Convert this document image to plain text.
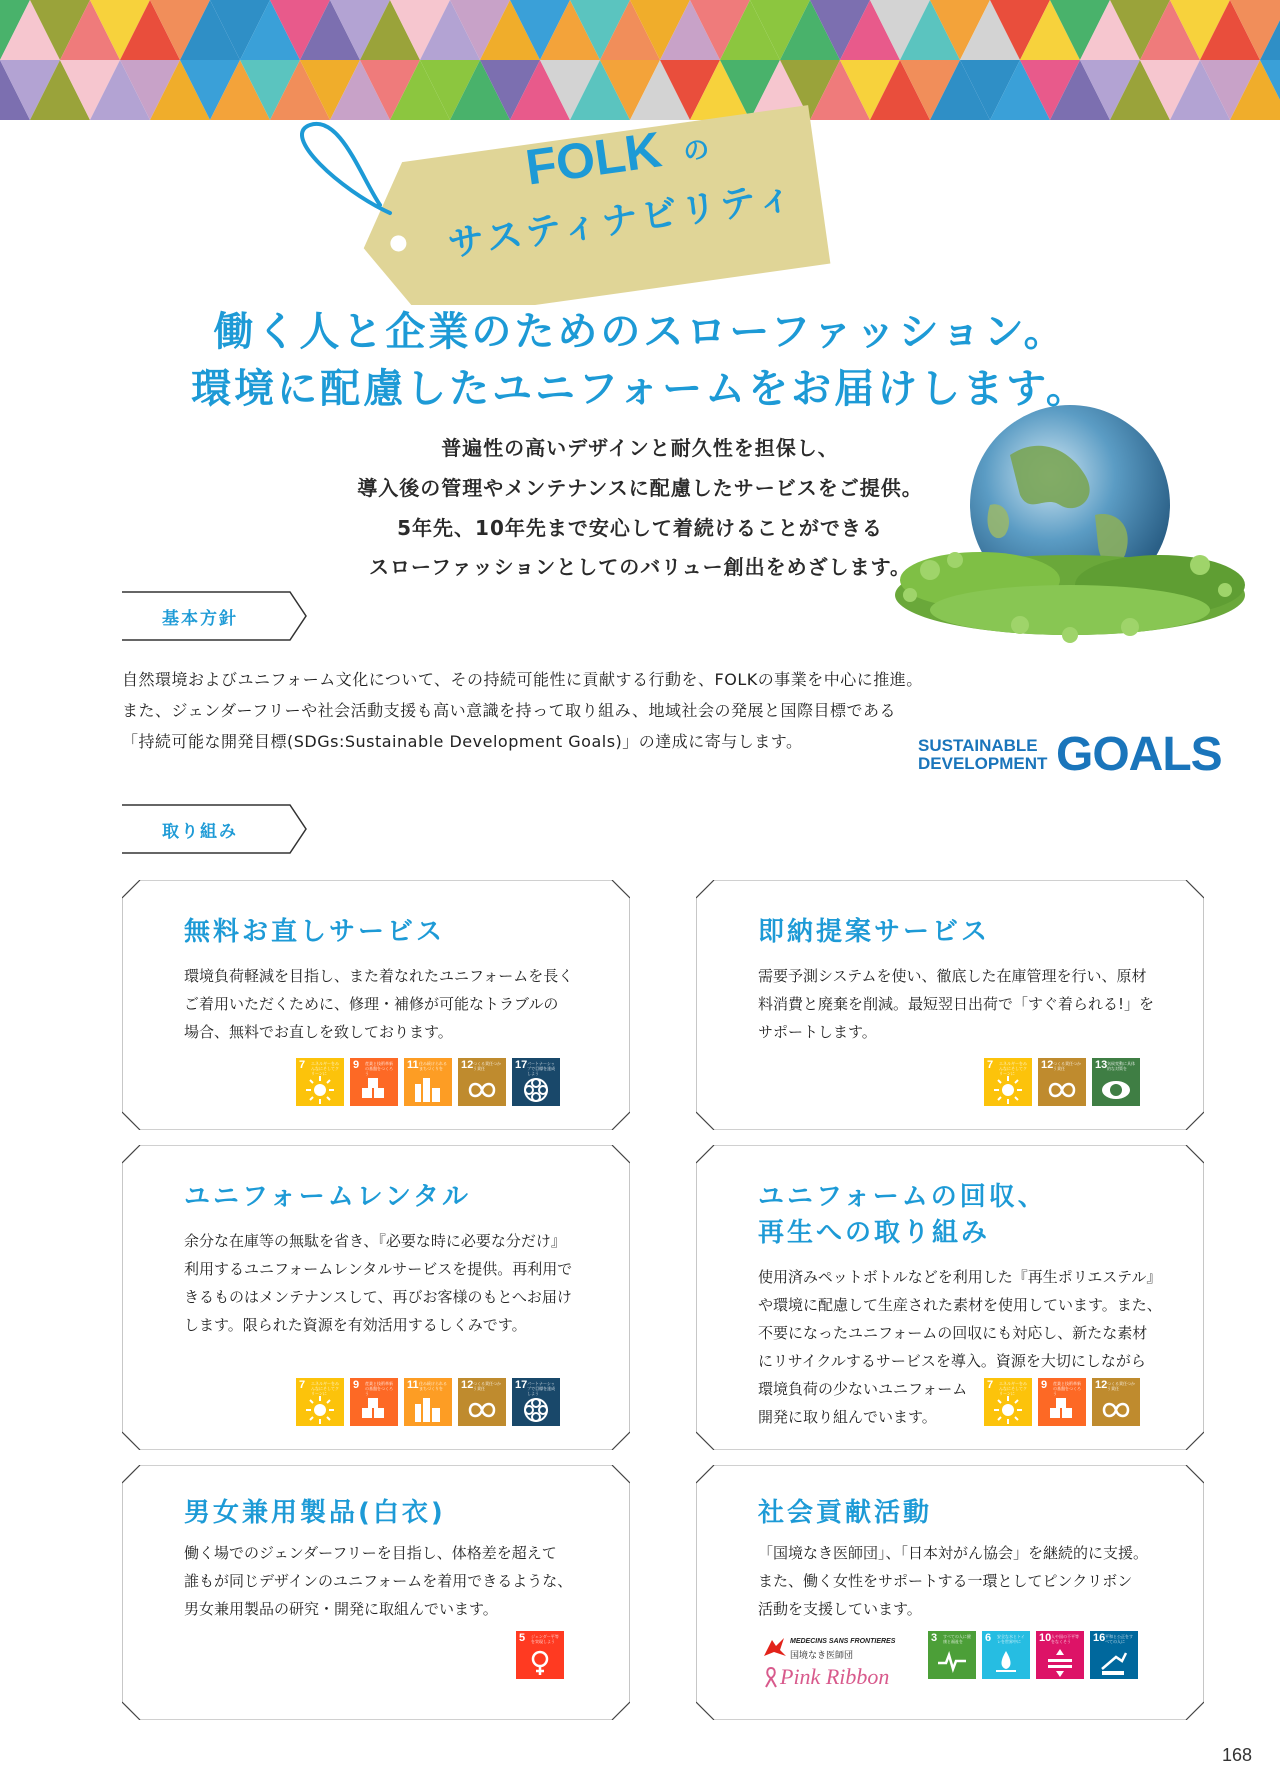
FOLK の
サスティナビリティ
働く人と企業のためのスローファッション。
環境に配慮したユニフォームをお届けします。
普遍性の高いデザインと耐久性を担保し、
導入後の管理やメンテナンスに配慮したサービスをご提供。
5年先、10年先まで安心して着続けることができる
スローファッションとしてのバリュー創出をめざします。
基本方針
自然環境およびユニフォーム文化について、その持続可能性に貢献する行動を、FOLKの事業を中心に推進。
また、ジェンダーフリーや社会活動支援も高い意識を持って取り組み、地域社会の発展と国際目標である
「持続可能な開発目標(SDGs:Sustainable Development Goals)」の達成に寄与します。	SUSTAINABLE
DEVELOPMENT GOALS
取り組み
無料お直しサービス
環境負荷軽減を目指し、また着なれたユニフォームを長く
ご着用いただくために、修理・補修が可能なトラブルの
場合、無料でお直しを致しております。
7 エネルギーをみんなにそしてクリーンに
9 産業と技術革新の基盤をつくろう
11 住み続けられるまちづくりを	12 つくる責任つかう責任	17 パートナーシップで目標を達成しよう
即納提案サービス
需要予測システムを使い、徹底した在庫管理を行い、原材
料消費と廃棄を削減。最短翌日出荷で「すぐ着られる!」を
サポートします。
7 エネルギーをみんなにそしてクリーンに
12 つくる責任つかう責任	13 気候変動に具体的な対策を
ユニフォームレンタル
余分な在庫等の無駄を省き、『必要な時に必要な分だけ』
利用するユニフォームレンタルサービスを提供。再利用で
きるものはメンテナンスして、再びお客様のもとへお届け
します。限られた資源を有効活用するしくみです。
7 エネルギーをみんなにそしてクリーンに
9 産業と技術革新の基盤をつくろう
11 住み続けられるまちづくりを	12 つくる責任つかう責任	17 パートナーシップで目標を達成しよう
ユニフォームの回収、
再生への取り組み
使用済みペットボトルなどを利用した『再生ポリエステル』
や環境に配慮して生産された素材を使用しています。また、
不要になったユニフォームの回収にも対応し、新たな素材
にリサイクルするサービスを導入。資源を大切にしながら
環境負荷の少ないユニフォーム
開発に取り組んでいます。
7 エネルギーをみんなにそしてクリーンに
9 産業と技術革新の基盤をつくろう
12 つくる責任つかう責任
男女兼用製品(白衣)
働く場でのジェンダーフリーを目指し、体格差を超えて
誰もが同じデザインのユニフォームを着用できるような、
男女兼用製品の研究・開発に取組んでいます。
5 ジェンダー平等を実現しよう
社会貢献活動
「国境なき医師団」、「日本対がん協会」を継続的に支援。
また、働く女性をサポートする一環としてピンクリボン
活動を支援しています。
3 すべての人に健康と福祉を	6 安全な水とトイレを世界中に	10 人や国の不平等をなくそう	16 平和と公正をすべての人に
MEDECINS SANS FRONTIERES
国境なき医師団
Pink Ribbon
168
